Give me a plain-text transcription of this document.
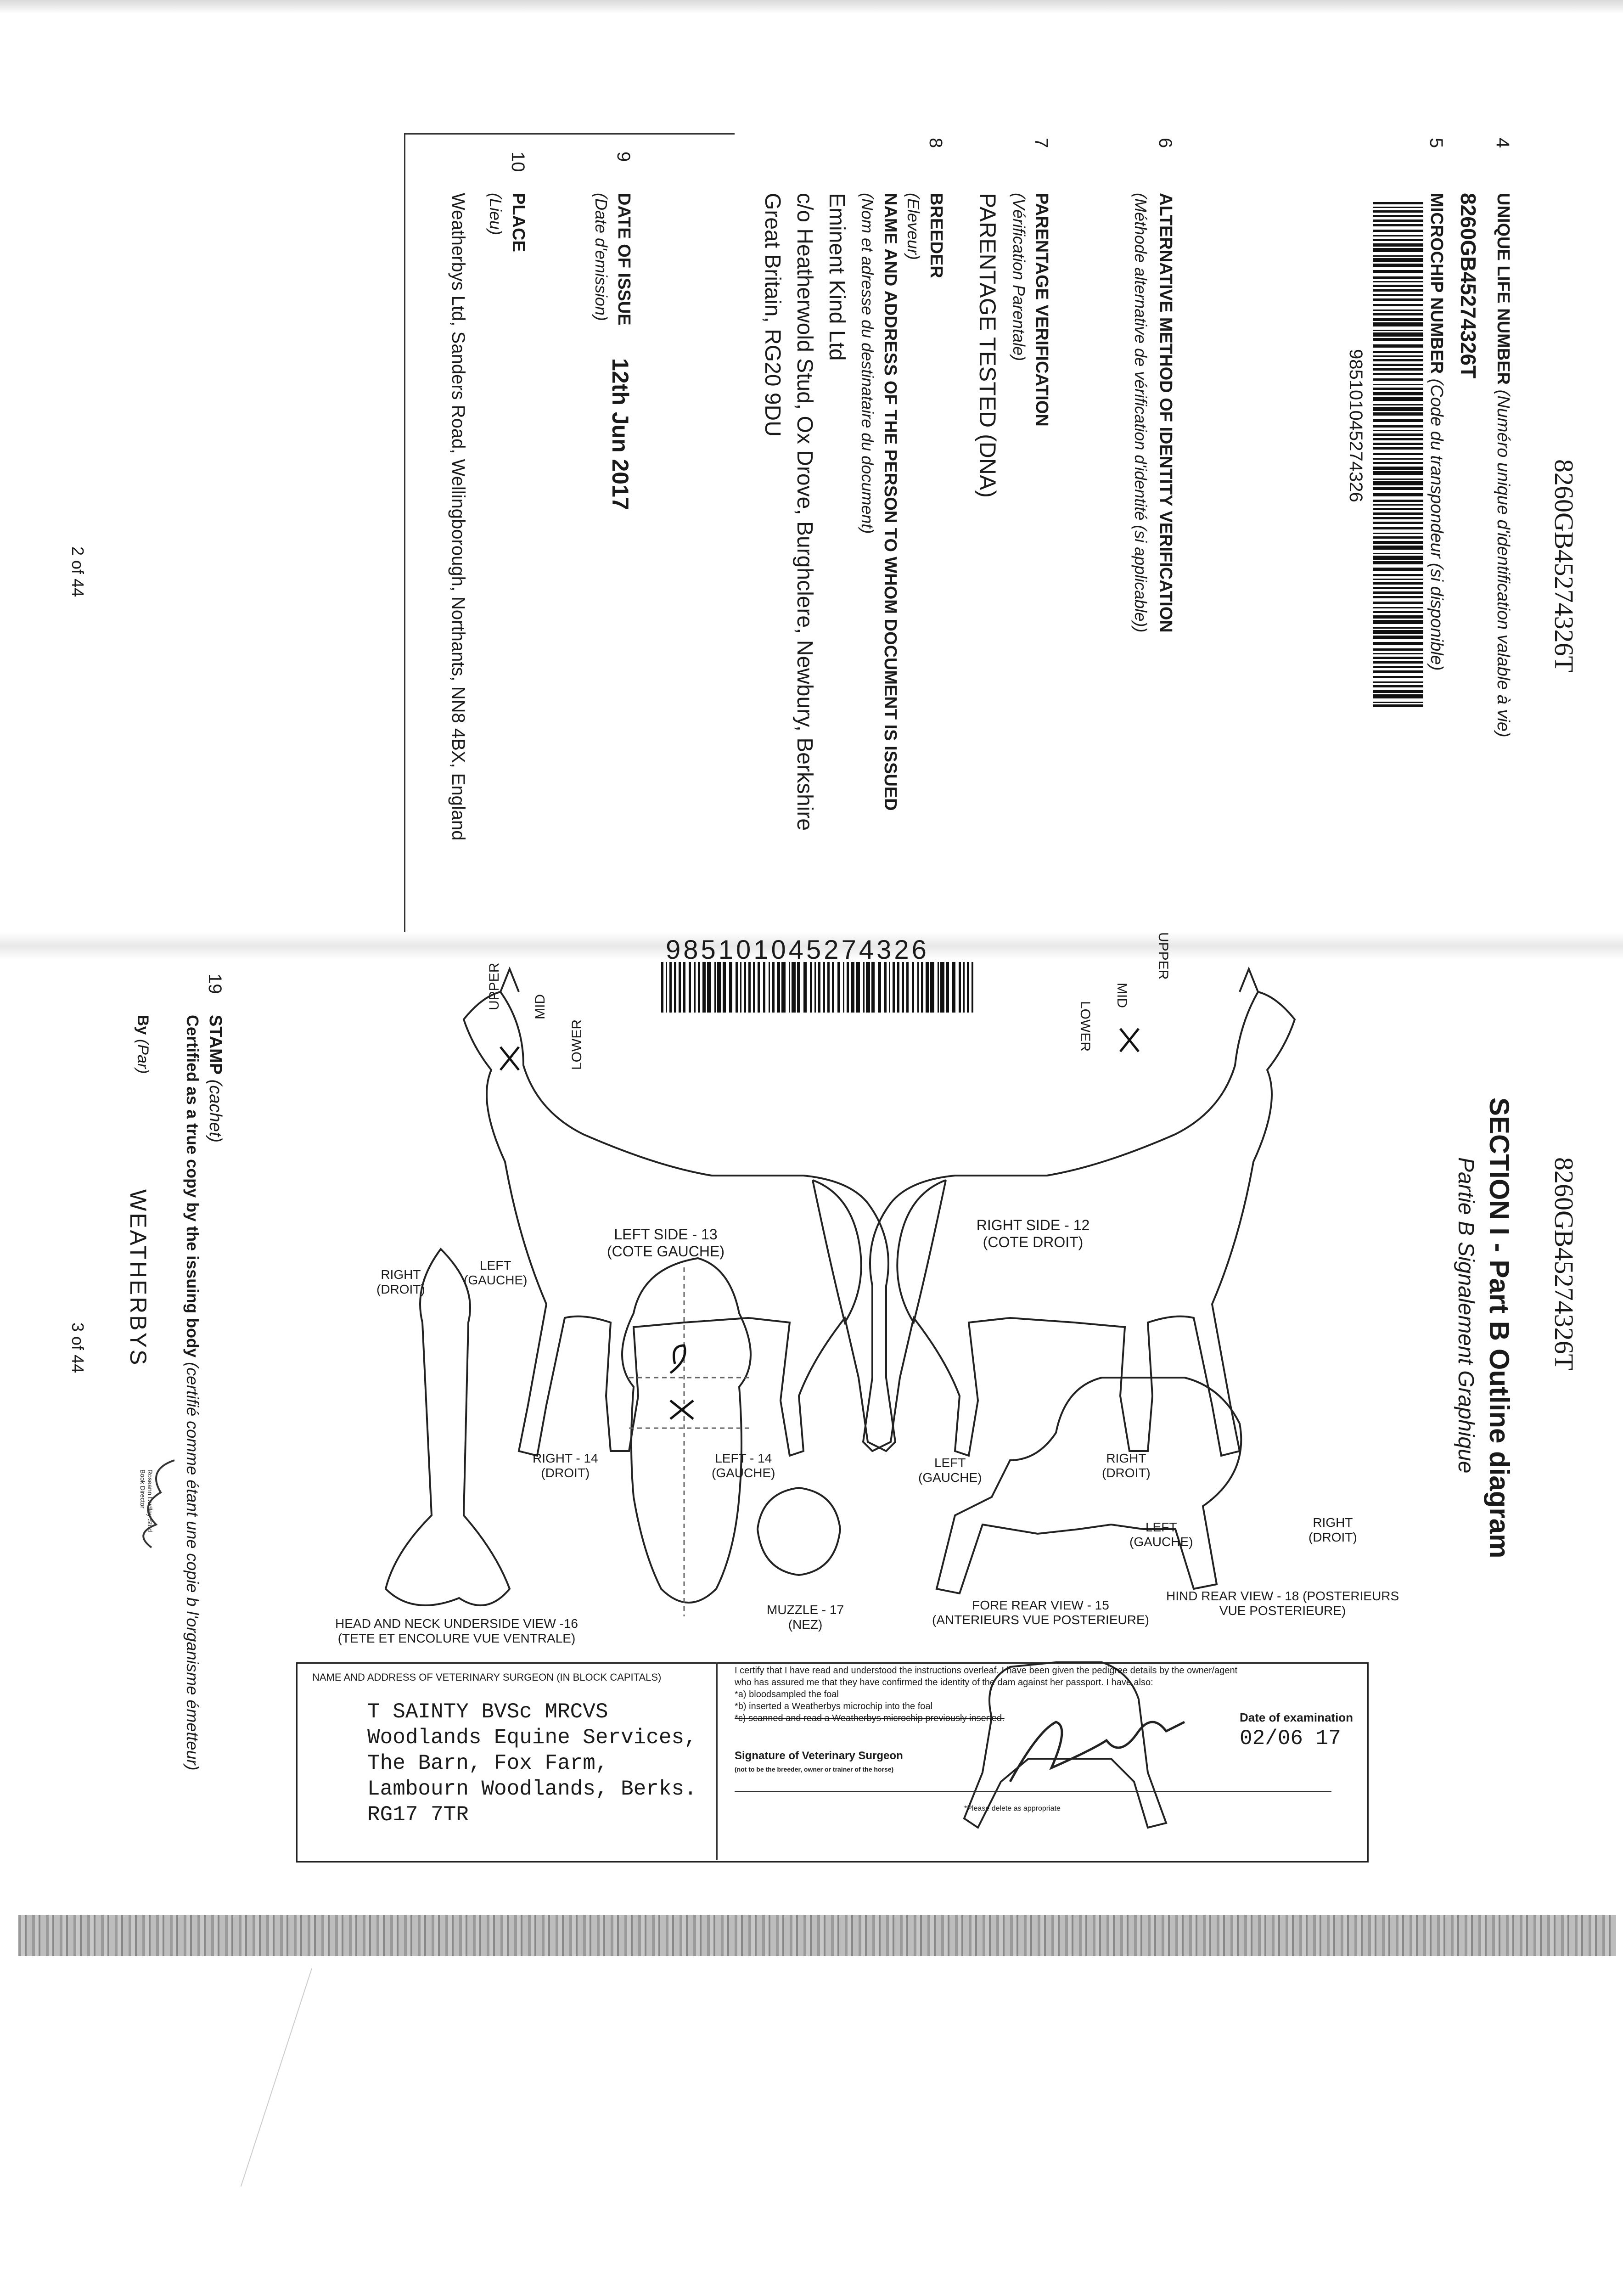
8260GB45274326T
4
UNIQUE LIFE NUMBER (Numéro unique d'identification valable à vie)
8260GB45274326T
5
MICROCHIP NUMBER (Code du transpondeur (si disponible)
985101045274326
6
ALTERNATIVE METHOD OF IDENTITY VERIFICATION
(Méthode alternative de vérification d'identité (si applicable))
7
PARENTAGE VERIFICATION
(Vérification Parentale)
PARENTAGE TESTED (DNA)
8
BREEDER
(Eleveur)
NAME AND ADDRESS OF THE PERSON TO WHOM DOCUMENT IS ISSUED
(Nom et adresse du destinataire du document)
Eminent Kind Ltd
c/o Heatherwold Stud, Ox Drove, Burghclere, Newbury, Berkshire
Great Britain, RG20 9DU
9
DATE OF ISSUE
(Date d'emission)
12th Jun 2017
10
PLACE
(Lieu)
Weatherbys Ltd, Sanders Road, Wellingborough, Northants, NN8 4BX, England
2 of 44
8260GB45274326T
SECTION I - Part B Outline diagram
Partie B Signalement Graphique
985101045274326	UPPER
MID
LOWER
UPPER MID
LOWER
LEFT SIDE - 13
(COTE GAUCHE)
RIGHT SIDE - 12
(COTE DROIT)
RIGHT
(DROIT)
LEFT
(GAUCHE)
RIGHT - 14
(DROIT)
LEFT - 14
(GAUCHE)
LEFT
(GAUCHE)
RIGHT
(DROIT)
LEFT
(GAUCHE)
RIGHT
(DROIT)
HEAD AND NECK UNDERSIDE VIEW -16
(TETE ET ENCOLURE VUE VENTRALE)
MUZZLE - 17
(NEZ)
FORE REAR VIEW - 15
(ANTERIEURS VUE POSTERIEURE)
HIND REAR VIEW - 18 (POSTERIEURS
VUE POSTERIEURE)
19
STAMP (cachet)
Certified as a true copy by the issuing body (certifié comme étant une copie b l'organisme émetteur)
By (Par)
WEATHERBYS
Roseann Dudley Stud Book Director
3 of 44
NAME AND ADDRESS OF VETERINARY SURGEON (IN BLOCK CAPITALS)
T SAINTY BVSc MRCVS
Woodlands Equine Services,
The Barn, Fox Farm,
Lambourn Woodlands, Berks.
RG17 7TR
I certify that I have read and understood the instructions overleaf. I have been given the pedigree details by the owner/agent
who has assured me that they have confirmed the identity of the dam against her passport. I have also:
*a) bloodsampled the foal
*b) inserted a Weatherbys microchip into the foal
*c) scanned and read a Weatherbys microchip previously inserted.
Signature of Veterinary Surgeon
(not to be the breeder, owner or trainer of the horse)
*Please delete as appropriate
Date of examination
02/06 17
